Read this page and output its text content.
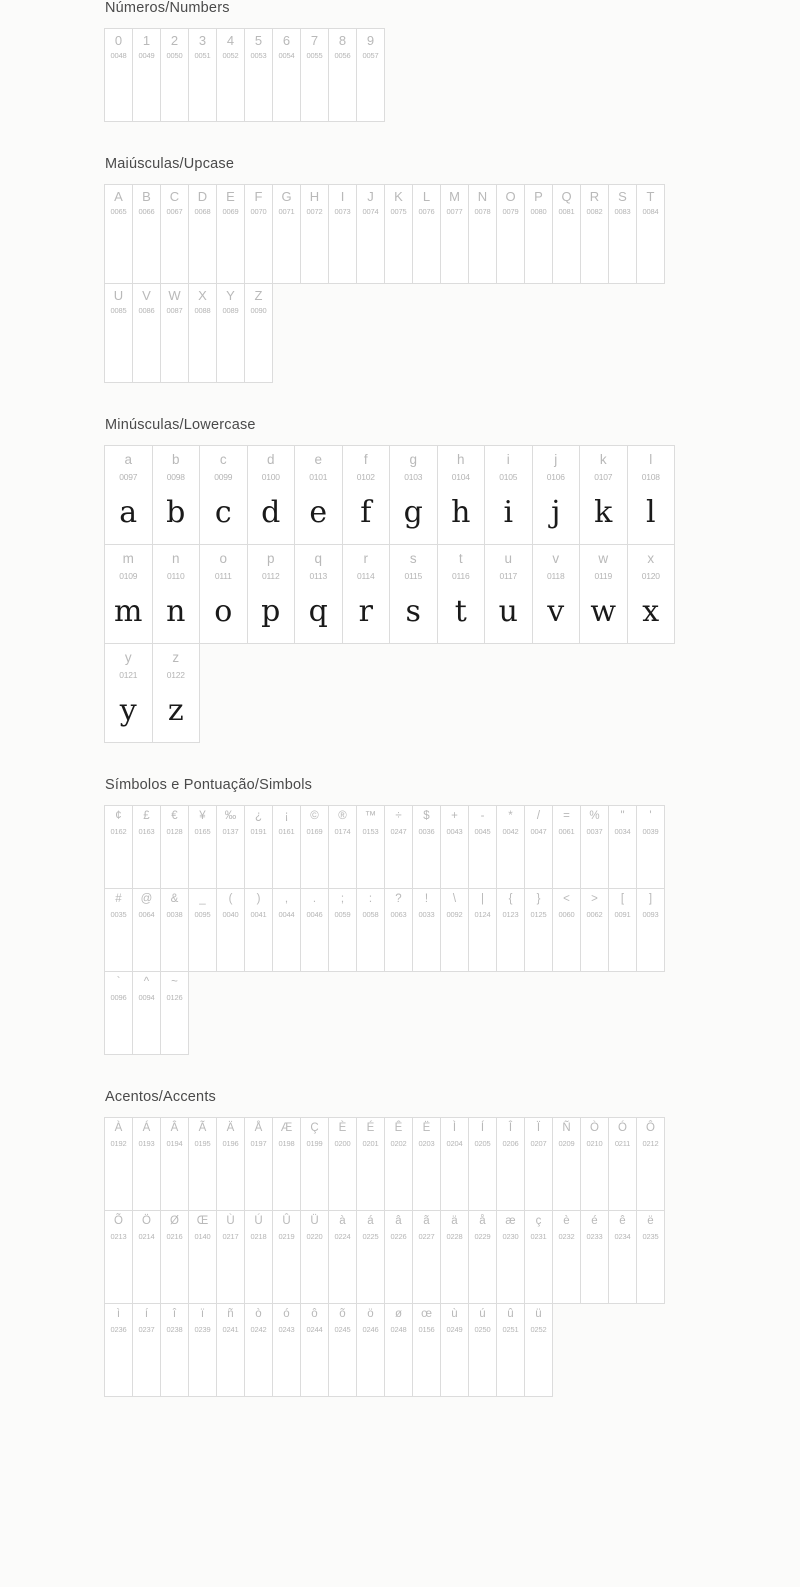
Números/Numbers
0
0048
1
0049
2
0050
3
0051
4
0052
5
0053
6
0054
7
0055
8
0056
9
0057
Maiúsculas/Upcase
A
0065
B
0066
C
0067
D
0068
E
0069
F
0070
G
0071
H
0072
I
0073
J
0074
K
0075
L
0076
M
0077
N
0078
O
0079
P
0080
Q
0081
R
0082
S
0083
T
0084
U
0085
V
0086
W
0087
X
0088
Y
0089
Z
0090
Minúsculas/Lowercase
a
0097
a
b
0098
b
c
0099
c
d
0100
d
e
0101
e
f
0102
f
g
0103
g
h
0104
h
i
0105
i
j
0106
j
k
0107
k
l
0108
l
m
0109
m
n
0110
n
o
0111
o
p
0112
p
q
0113
q
r
0114
r
s
0115
s
t
0116
t
u
0117
u
v
0118
v
w
0119
w
x
0120
x
y
0121
y
z
0122
z
Símbolos e Pontuação/Simbols
¢
0162
£
0163
€
0128
¥
0165
‰
0137
¿
0191
¡
0161
©
0169
®
0174
™
0153
÷
0247
$
0036
+
0043
-
0045
*
0042
/
0047
=
0061
%
0037
"
0034
'
0039
#
0035
@
0064
&
0038
_
0095
(
0040
)
0041
,
0044
.
0046
;
0059
:
0058
?
0063
!
0033
\
0092
|
0124
{
0123
}
0125
<
0060
>
0062
[
0091
]
0093
`
0096
^
0094
~
0126
Acentos/Accents
À
0192
Á
0193
Â
0194
Ã
0195
Ä
0196
Å
0197
Æ
0198
Ç
0199
È
0200
É
0201
Ê
0202
Ë
0203
Ì
0204
Í
0205
Î
0206
Ï
0207
Ñ
0209
Ò
0210
Ó
0211
Ô
0212
Õ
0213
Ö
0214
Ø
0216
Œ
0140
Ù
0217
Ú
0218
Û
0219
Ü
0220
à
0224
á
0225
â
0226
ã
0227
ä
0228
å
0229
æ
0230
ç
0231
è
0232
é
0233
ê
0234
ë
0235
ì
0236
í
0237
î
0238
ï
0239
ñ
0241
ò
0242
ó
0243
ô
0244
õ
0245
ö
0246
ø
0248
œ
0156
ù
0249
ú
0250
û
0251
ü
0252
